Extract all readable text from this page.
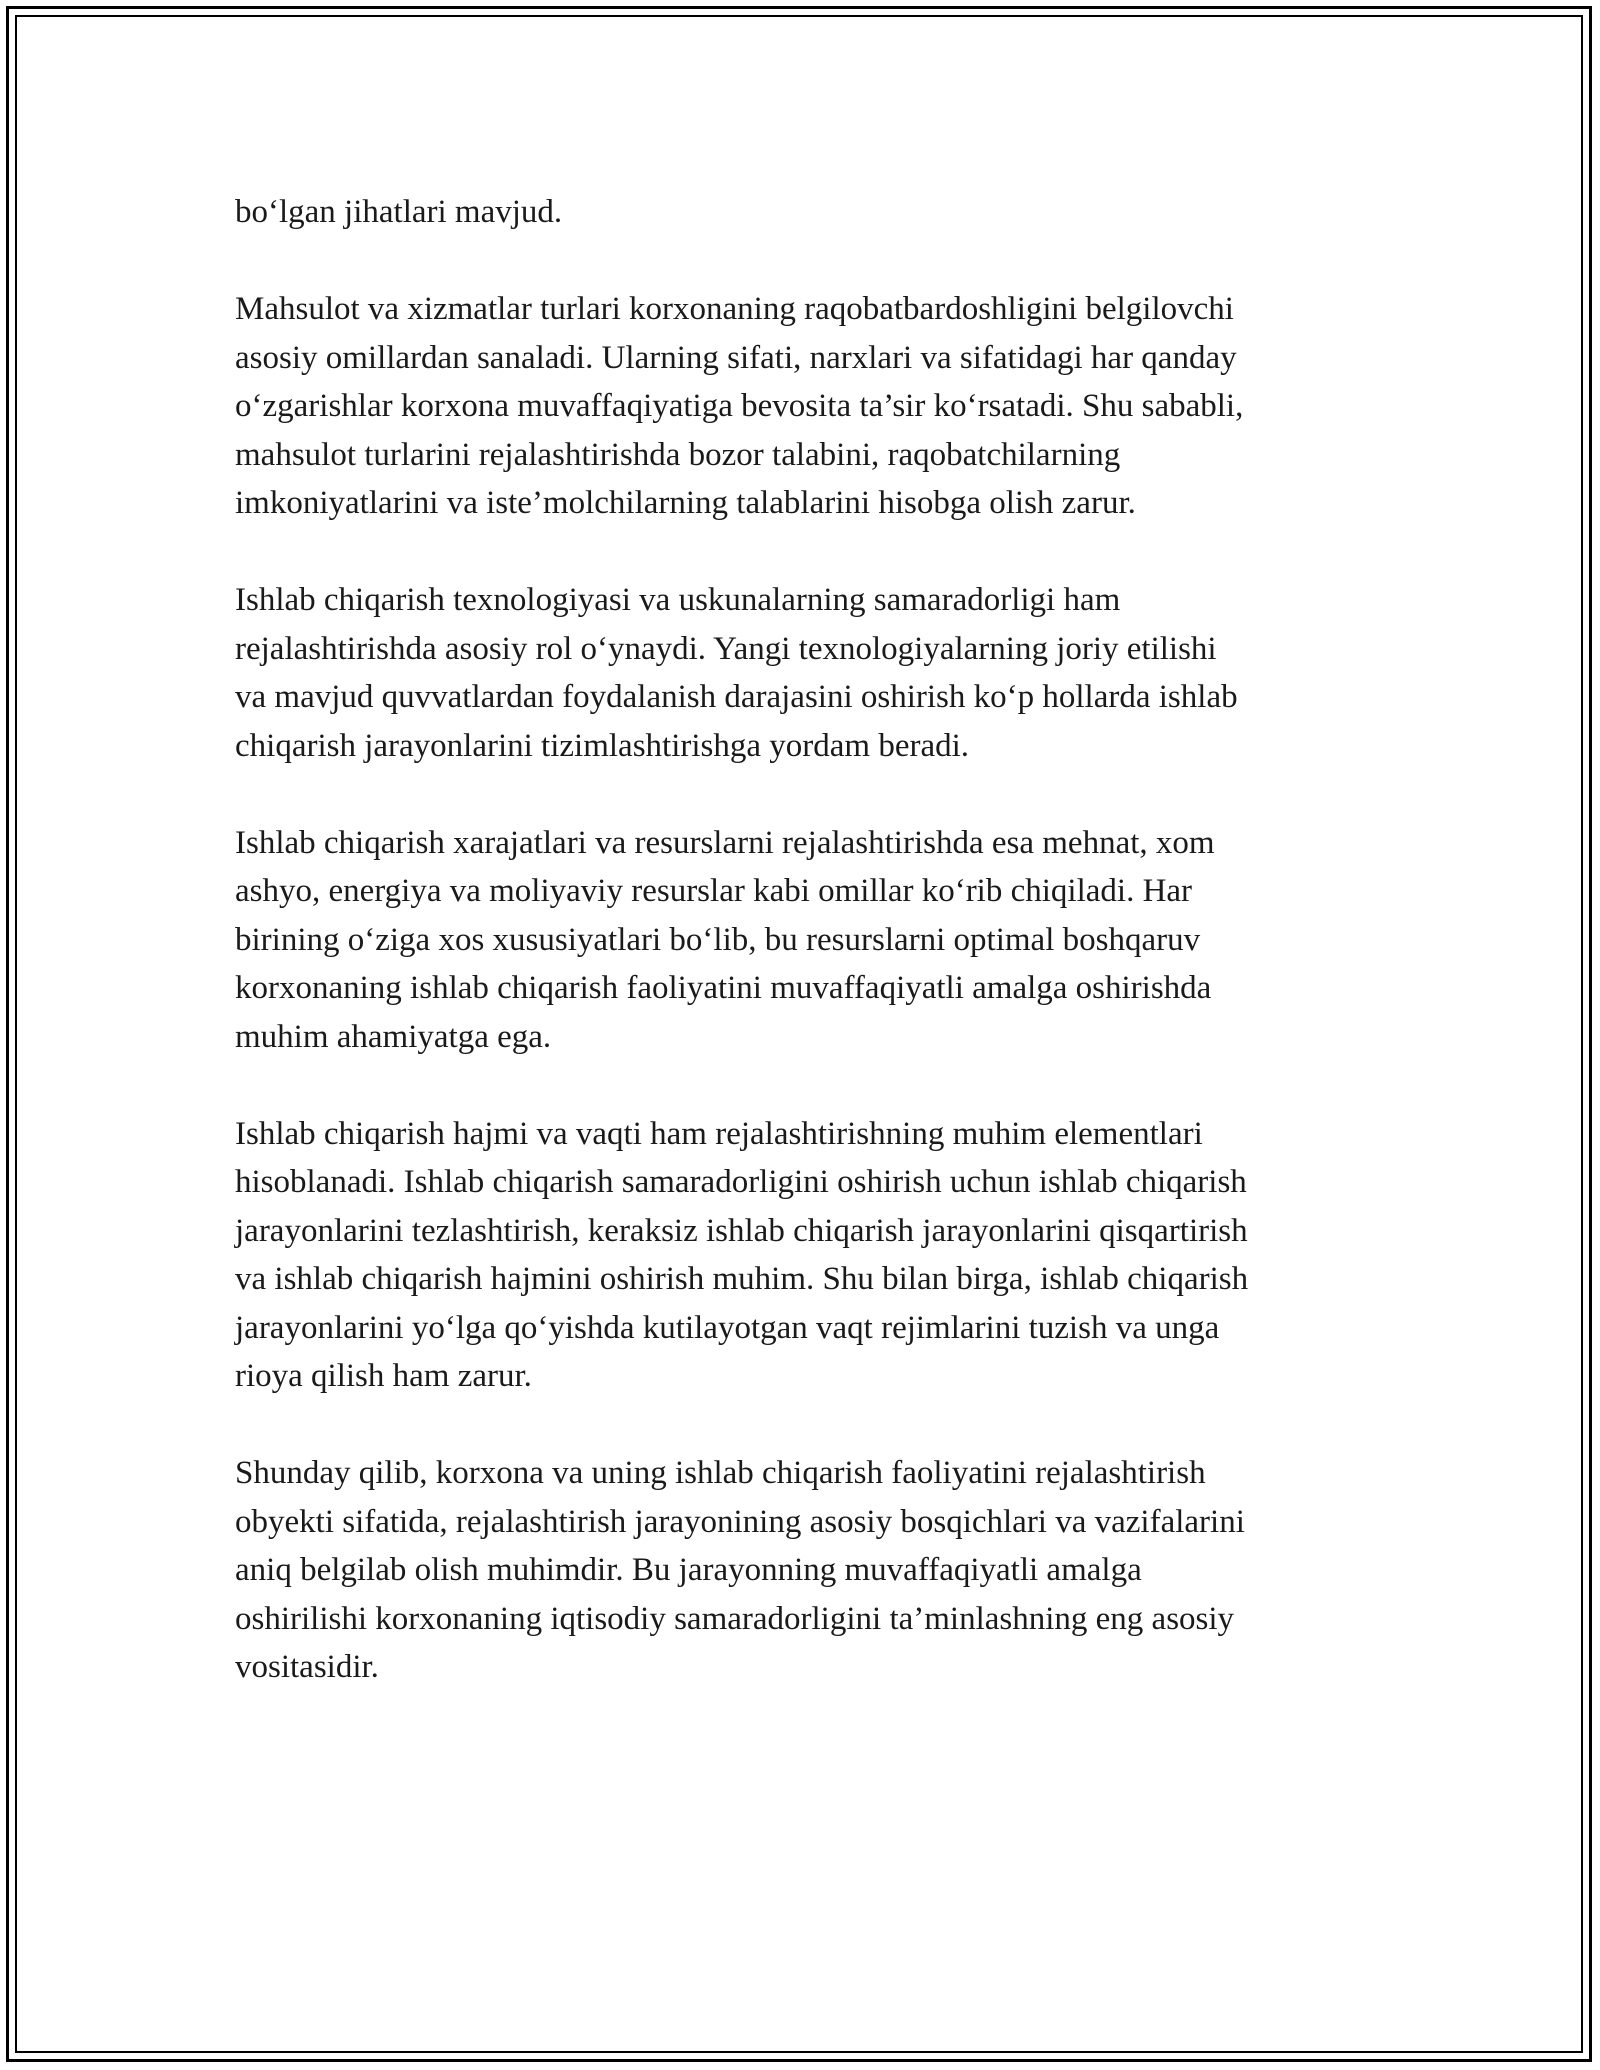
bo‘lgan jihatlari mavjud.
Mahsulot va xizmatlar turlari korxonaning raqobatbardoshligini belgilovchi
asosiy omillardan sanaladi. Ularning sifati, narxlari va sifatidagi har qanday
o‘zgarishlar korxona muvaffaqiyatiga bevosita ta’sir ko‘rsatadi. Shu sababli,
mahsulot turlarini rejalashtirishda bozor talabini, raqobatchilarning
imkoniyatlarini va iste’molchilarning talablarini hisobga olish zarur.
Ishlab chiqarish texnologiyasi va uskunalarning samaradorligi ham
rejalashtirishda asosiy rol o‘ynaydi. Yangi texnologiyalarning joriy etilishi
va mavjud quvvatlardan foydalanish darajasini oshirish ko‘p hollarda ishlab
chiqarish jarayonlarini tizimlashtirishga yordam beradi.
Ishlab chiqarish xarajatlari va resurslarni rejalashtirishda esa mehnat, xom
ashyo, energiya va moliyaviy resurslar kabi omillar ko‘rib chiqiladi. Har
birining o‘ziga xos xususiyatlari bo‘lib, bu resurslarni optimal boshqaruv
korxonaning ishlab chiqarish faoliyatini muvaffaqiyatli amalga oshirishda
muhim ahamiyatga ega.
Ishlab chiqarish hajmi va vaqti ham rejalashtirishning muhim elementlari
hisoblanadi. Ishlab chiqarish samaradorligini oshirish uchun ishlab chiqarish
jarayonlarini tezlashtirish, keraksiz ishlab chiqarish jarayonlarini qisqartirish
va ishlab chiqarish hajmini oshirish muhim. Shu bilan birga, ishlab chiqarish
jarayonlarini yo‘lga qo‘yishda kutilayotgan vaqt rejimlarini tuzish va unga
rioya qilish ham zarur.
Shunday qilib, korxona va uning ishlab chiqarish faoliyatini rejalashtirish
obyekti sifatida, rejalashtirish jarayonining asosiy bosqichlari va vazifalarini
aniq belgilab olish muhimdir. Bu jarayonning muvaffaqiyatli amalga
oshirilishi korxonaning iqtisodiy samaradorligini ta’minlashning eng asosiy
vositasidir.
